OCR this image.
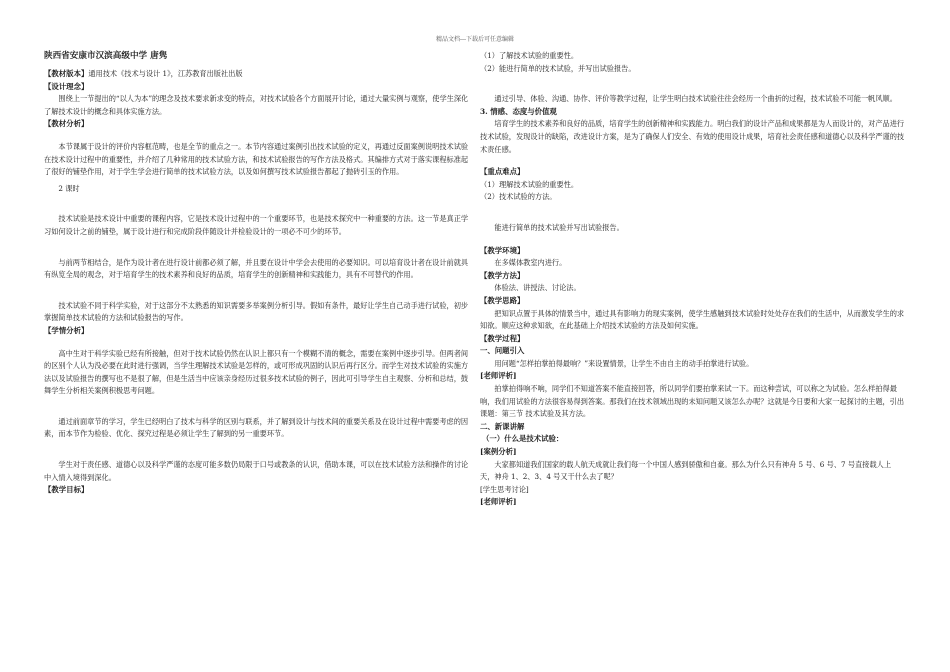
精品文档---下载后可任意编辑

陕西省安康市汉滨高级中学 唐隽

【教材版本】通用技术《技术与设计 1》，江苏教育出版社出版

【设计理念】

围绕上一节提出的“以人为本”的理念及技术要求新求变的特点，对技术试验各个方面展开讨论，通过大量实例与观察，使学生深化了解技术设计的概念和具体实施方法。

【教材分析】

本节课属于设计的评价内容框范畴，也是全节的重点之一。本节内容通过案例引出技术试验的定义，再通过反面案例说明技术试验在技术设计过程中的重要性，并介绍了几种常用的技术试验方法，和技术试验报告的写作方法及格式。其编排方式对于落实课程标准起了很好的铺垫作用，对于学生学会进行简单的技术试验方法，以及如何撰写技术试验报告都起了抛砖引玉的作用。

2 课时

技术试验是技术设计中重要的课程内容，它是技术设计过程中的一个重要环节，也是技术探究中一种重要的方法。这一节是真正学习如何设计之前的铺垫，属于设计进行和完成阶段伴随设计并检验设计的一项必不可少的环节。

与前两节相结合，是作为设计者在进行设计前都必须了解，并且要在设计中学会去使用的必要知识。可以培育设计者在设计前就具有纵览全局的观念，对于培育学生的技术素养和良好的品质，培育学生的创新精神和实践能力，具有不可替代的作用。

技术试验不同于科学实验，对于这部分不太熟悉的知识需要多举案例分析引导。假如有条件，最好让学生自己动手进行试验，初步掌握简单技术试验的方法和试验报告的写作。

【学情分析】

高中生对于科学实验已经有所接触，但对于技术试验仍然在认识上都只有一个模糊不清的概念，需要在案例中逐步引导。但两者间的区别个人认为没必要在此时进行强调，当学生理解技术试验是怎样的，或可形成巩固的认识后再行区分。而学生对技术试验的实施方法以及试验报告的撰写也不是很了解，但是生活当中应该亲身经历过很多技术试验的例子，因此可引导学生自主观察、分析和总结，鼓舞学生分析相关案例积极思考问题。

通过前面章节的学习，学生已经明白了技术与科学的区别与联系，并了解到设计与技术间的重要关系及在设计过程中需要考虑的因素，而本节作为检验、优化、探究过程是必须让学生了解到的另一重要环节。

学生对于责任感、道德心以及科学严谨的态度可能多数仍局限于口号或教条的认识，借助本课，可以在技术试验方法和操作的讨论中入情入境得到深化。

【教学目标】

（1）了解技术试验的重要性。

（2）能进行简单的技术试验，并写出试验报告。

通过引导、体验、沟通、协作、评价等教学过程，让学生明白技术试验往往会经历一个曲折的过程，技术试验不可能一帆风顺。

3. 情感、态度与价值观

培育学生的技术素养和良好的品质，培育学生的创新精神和实践能力。明白我们的设计产品和成果都是为人而设计的，对产品进行技术试验，发现设计的缺陷，改进设计方案，是为了确保人们安全、有效的使用设计成果，培育社会责任感和道德心以及科学严谨的技术责任感。

【重点难点】

（1）理解技术试验的重要性。

（2）技术试验的方法。

能进行简单的技术试验并写出试验报告。

【教学环境】

在多媒体教室内进行。

【教学方法】

体验法、讲授法、讨论法。

【教学思路】

把知识点置于具体的情景当中，通过具有影响力的现实案例，使学生感触到技术试验时处处存在我们的生活中，从而激发学生的求知欲。顺应这种求知欲，在此基础上介绍技术试验的方法及如何实施。

【教学过程】

一、问题引入

用问题“怎样拍掌拍得最响？”来设置情景，让学生不由自主的动手拍掌进行试验。

[老师评析]

拍掌拍得响不响，同学们不知道答案不能直接回答，所以同学们要拍掌来试一下。而这种尝试，可以称之为试验。怎么样拍得最响，我们用试验的方法很容易得到答案。那我们在技术领域出现的未知问题又该怎么办呢？这就是今日要和大家一起探讨的主题，引出课题：第三节 技术试验及其方法。

二、新课讲解

（一）什么是技术试验：

[案例分析]

大家都知道我们国家的载人航天成就让我们每一个中国人感到骄傲和自豪。那么为什么只有神舟 5 号、6 号、7 号直接载人上天，神舟 1、2、3、4 号又干什么去了呢？

[学生思考讨论]

[老师评析]
